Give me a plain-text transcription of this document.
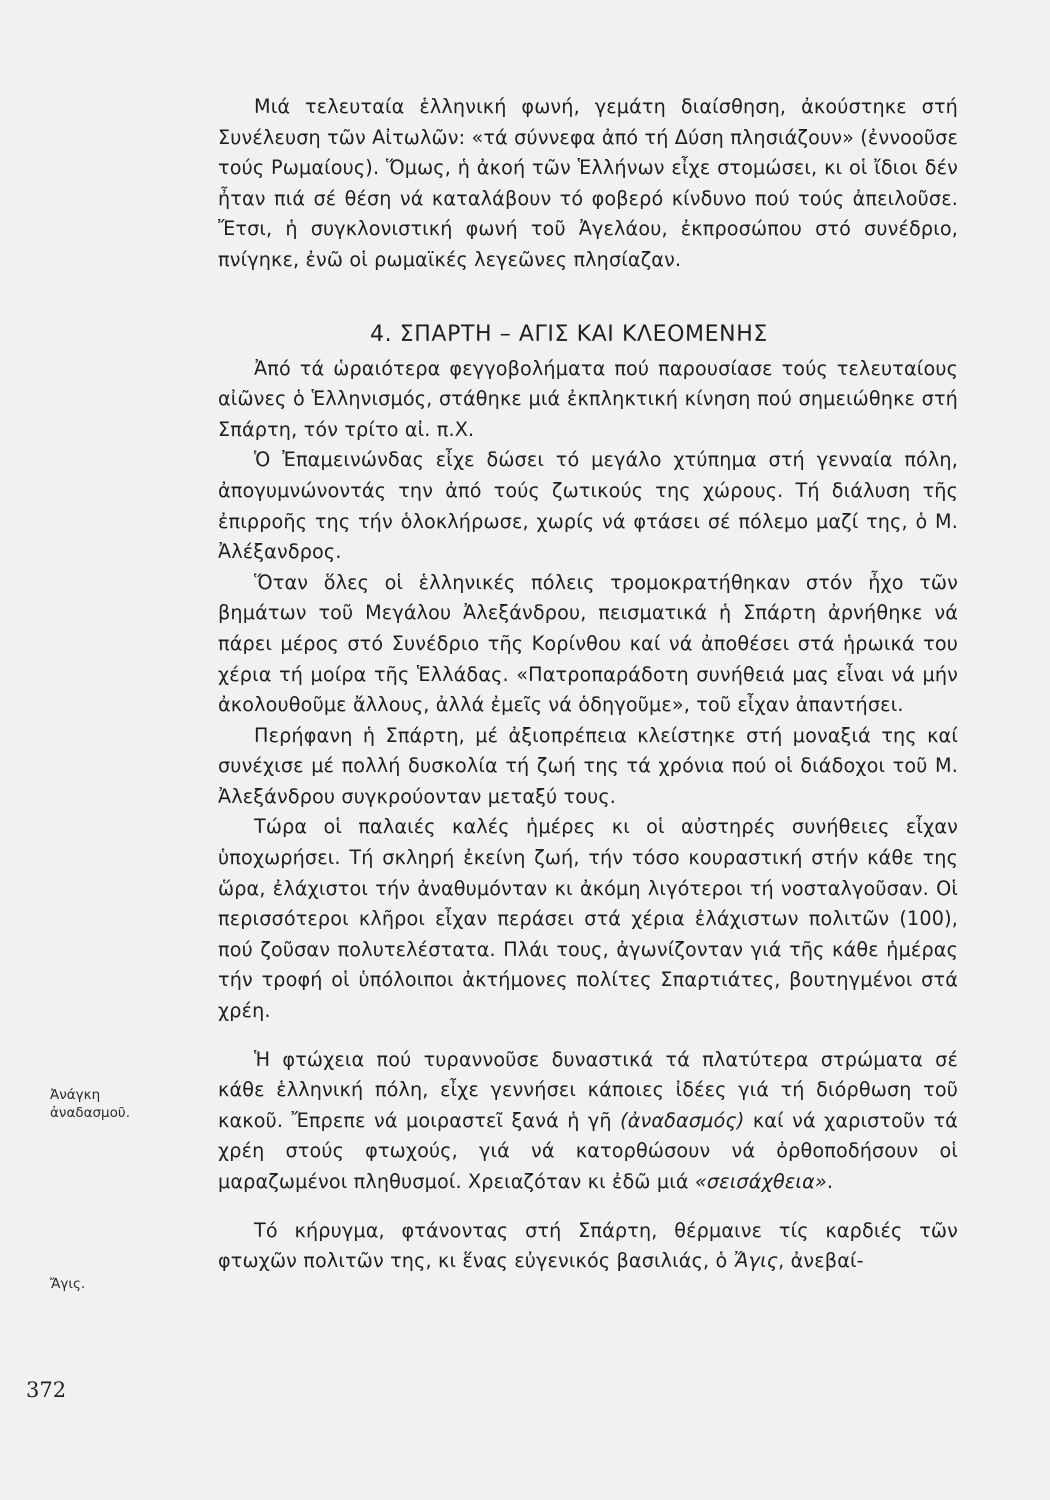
Μιά τελευταία ἑλληνική φωνή, γεμάτη διαίσθηση, ἀκούστηκε στή Συνέλευση τῶν Αἰτωλῶν: «τά σύννεφα ἀπό τή Δύση πλησιάζουν» (ἐννοοῦσε τούς Ρωμαίους). Ὅμως, ἡ ἀκοή τῶν Ἑλλήνων εἶχε στομώσει, κι οἱ ἴδιοι δέν ἦταν πιά σέ θέση νά καταλάβουν τό φοβερό κίνδυνο πού τούς ἀπειλοῦσε. Ἔτσι, ἡ συγκλονιστική φωνή τοῦ Ἀγελάου, ἐκπροσώπου στό συνέδριο, πνίγηκε, ἐνῶ οἱ ρωμαϊκές λεγεῶνες πλησίαζαν.

4. ΣΠΑΡΤΗ – ΑΓΙΣ ΚΑΙ ΚΛΕΟΜΕΝΗΣ

Ἀπό τά ὡραιότερα φεγγοβολήματα πού παρουσίασε τούς τελευταίους αἰῶνες ὁ Ἑλληνισμός, στάθηκε μιά ἐκπληκτική κίνηση πού σημειώθηκε στή Σπάρτη, τόν τρίτο αἰ. π.Χ.

Ὁ Ἐπαμεινώνδας εἶχε δώσει τό μεγάλο χτύπημα στή γενναία πόλη, ἀπογυμνώνοντάς την ἀπό τούς ζωτικούς της χώρους. Τή διάλυση τῆς ἐπιρροῆς της τήν ὁλοκλήρωσε, χωρίς νά φτάσει σέ πόλεμο μαζί της, ὁ Μ. Ἀλέξανδρος.

Ὅταν ὅλες οἱ ἑλληνικές πόλεις τρομοκρατήθηκαν στόν ἦχο τῶν βημάτων τοῦ Μεγάλου Ἀλεξάνδρου, πεισματικά ἡ Σπάρτη ἀρνήθηκε νά πάρει μέρος στό Συνέδριο τῆς Κορίνθου καί νά ἀποθέσει στά ἡρωικά του χέρια τή μοίρα τῆς Ἑλλάδας. «Πατροπαράδοτη συνήθειά μας εἶναι νά μήν ἀκολουθοῦμε ἄλλους, ἀλλά ἐμεῖς νά ὁδηγοῦμε», τοῦ εἶχαν ἀπαντήσει.

Περήφανη ἡ Σπάρτη, μέ ἀξιοπρέπεια κλείστηκε στή μοναξιά της καί συνέχισε μέ πολλή δυσκολία τή ζωή της τά χρόνια πού οἱ διάδοχοι τοῦ Μ. Ἀλεξάνδρου συγκρούονταν μεταξύ τους.

Τώρα οἱ παλαιές καλές ἡμέρες κι οἱ αὐστηρές συνήθειες εἶχαν ὑποχωρήσει. Τή σκληρή ἐκείνη ζωή, τήν τόσο κουραστική στήν κάθε της ὥρα, ἐλάχιστοι τήν ἀναθυμόνταν κι ἀκόμη λιγότεροι τή νοσταλγοῦσαν. Οἱ περισσότεροι κλῆροι εἶχαν περάσει στά χέρια ἐλάχιστων πολιτῶν (100), πού ζοῦσαν πολυτελέστατα. Πλάι τους, ἀγωνίζονταν γιά τῆς κάθε ἡμέρας τήν τροφή οἱ ὑπόλοιποι ἀκτήμονες πολίτες Σπαρτιάτες, βουτηγμένοι στά χρέη.

Ἡ φτώχεια πού τυραννοῦσε δυναστικά τά πλατύτερα στρώματα σέ κάθε ἑλληνική πόλη, εἶχε γεννήσει κάποιες ἰδέες γιά τή διόρθωση τοῦ κακοῦ. Ἔπρεπε νά μοιραστεῖ ξανά ἡ γῆ (ἀναδασμός) καί νά χαριστοῦν τά χρέη στούς φτωχούς, γιά νά κατορθώσουν νά ὀρθοποδήσουν οἱ μαραζωμένοι πληθυσμοί. Χρειαζόταν κι ἐδῶ μιά «σεισάχθεια».

Τό κήρυγμα, φτάνοντας στή Σπάρτη, θέρμαινε τίς καρδιές τῶν φτωχῶν πολιτῶν της, κι ἕνας εὐγενικός βασιλιάς, ὁ Ἄγις, ἀνεβαί-

Ἀνάγκη
ἀναδασμοῦ.
Ἄγις.
372
